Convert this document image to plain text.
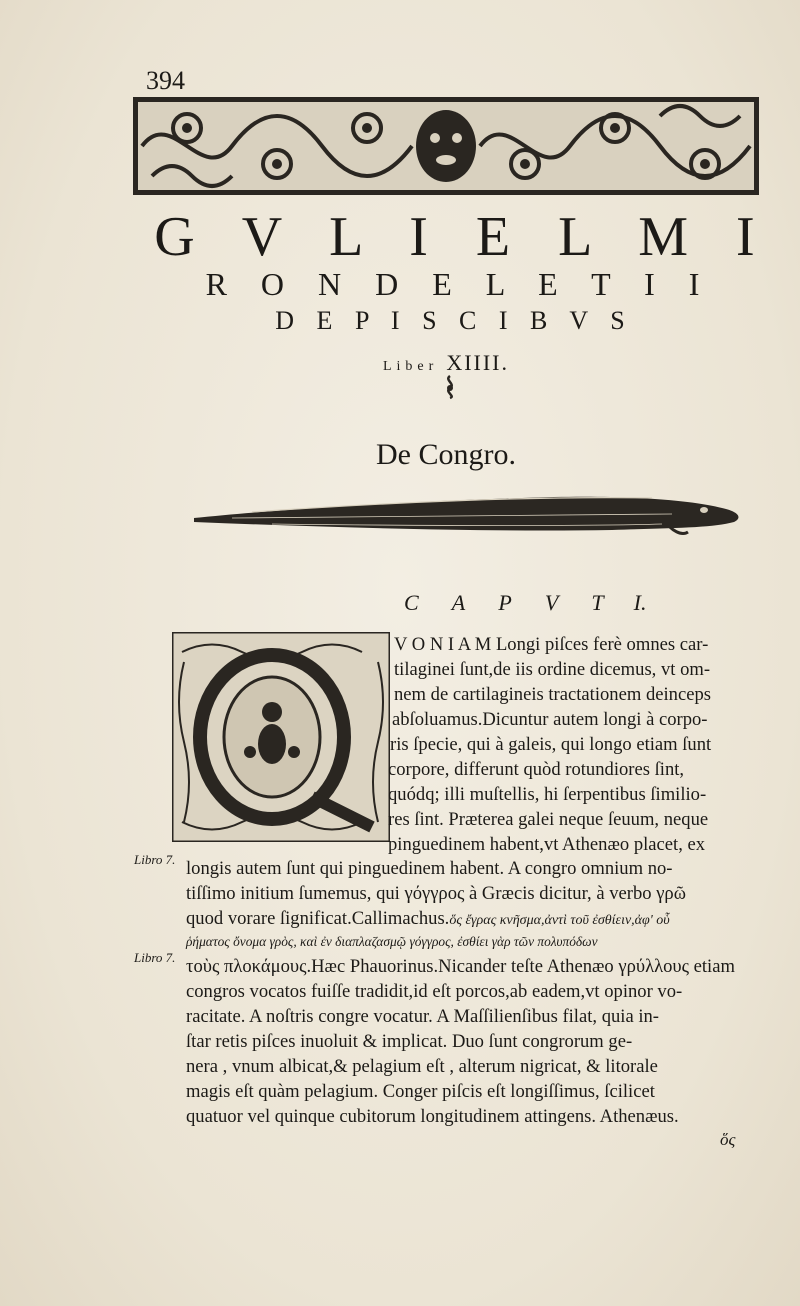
394
G V L I E L M I
R O N D E L E T I I
D E P I S C I B V S
Liber XIIII.
De Congro.
C A P V T I.
Libro 7.
Libro 7.
V O N I A M Longi piſces ferè omnes car-
tilaginei ſunt,de iis ordine dicemus, vt om-
nem de cartilagineis tractationem deinceps
abſoluamus.Dicuntur autem longi à corpo-
ris ſpecie, qui à galeis, qui longo etiam ſunt
corpore, differunt quòd rotundiores ſint,
quódq; illi muſtellis, hi ſerpentibus ſimilio-
res ſint. Præterea galei neque ſeuum, neque
pinguedinem habent,vt Athenæo placet, ex
longis autem ſunt qui pinguedinem habent. A congro omnium no-
tiſſimo initium ſumemus, qui γόγγρος à Græcis dicitur, à verbo γρῶ
quod vorare ſignificat.Callimachus.ὅς ἔγρας κνῆσμα,ἀντὶ τοῦ ἐσθίειν,ἀφ' οὗ
ῥήματος ὄνομα γρὸς, καὶ ἐν διαπλαζασμῷ γόγγρος, ἐσθίει γὰρ τῶν πολυπόδων
τοὺς πλοκάμους.Hæc Phauorinus.Nicander teſte Athenæo γρύλλους etiam
congros vocatos fuiſſe tradidit,id eſt porcos,ab eadem,vt opinor vo-
racitate. A noſtris congre vocatur. A Maſſilienſibus filat, quia in-
ſtar retis piſces inuoluit & implicat. Duo ſunt congrorum ge-
nera , vnum albicat,& pelagium eſt , alterum nigricat, & litorale
magis eſt quàm pelagium. Conger piſcis eſt longiſſimus, ſcilicet
quatuor vel quinque cubitorum longitudinem attingens. Athenæus.
ὅς
